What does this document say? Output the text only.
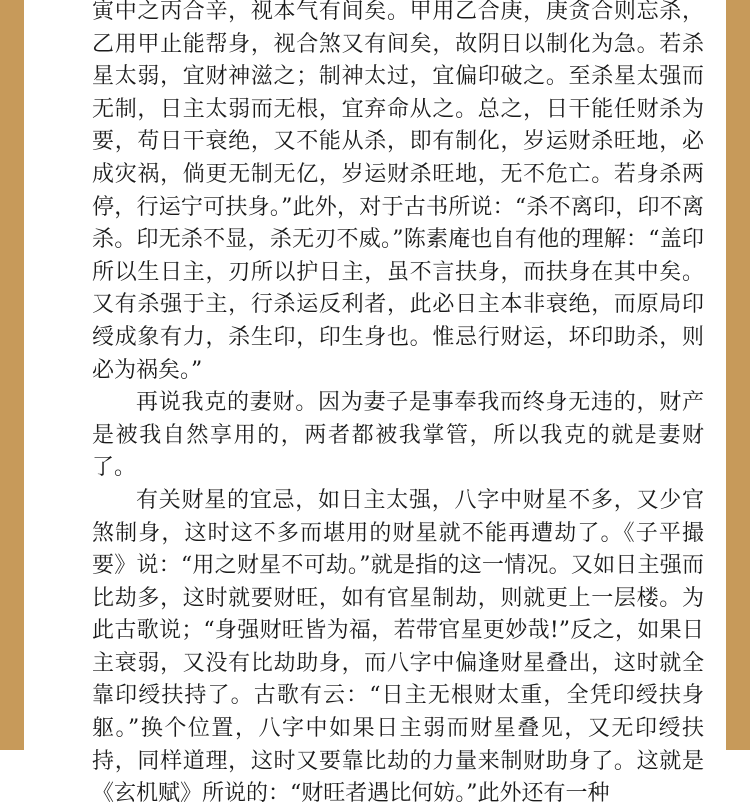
寅中之丙合辛，视本气有间矣。甲用乙合庚，庚贪合则忘杀，乙用甲止能帮身，视合煞又有间矣，故阴日以制化为急。若杀星太弱，宜财神滋之；制神太过，宜偏印破之。至杀星太强而无制，日主太弱而无根，宜弃命从之。总之，日干能任财杀为要，苟日干衰绝，又不能从杀，即有制化，岁运财杀旺地，必成灾祸，倘更无制无亿，岁运财杀旺地，无不危亡。若身杀两停，行运宁可扶身。”此外，对于古书所说：“杀不离印，印不离杀。印无杀不显，杀无刃不威。”陈素庵也自有他的理解：“盖印所以生日主，刃所以护日主，虽不言扶身，而扶身在其中矣。又有杀强于主，行杀运反利者，此必日主本非衰绝，而原局印绶成象有力，杀生印，印生身也。惟忌行财运，坏印助杀，则必为祸矣。”

再说我克的妻财。因为妻子是事奉我而终身无违的，财产是被我自然享用的，两者都被我掌管，所以我克的就是妻财了。

有关财星的宜忌，如日主太强，八字中财星不多，又少官煞制身，这时这不多而堪用的财星就不能再遭劫了。《子平撮要》说：“用之财星不可劫。”就是指的这一情况。又如日主强而比劫多，这时就要财旺，如有官星制劫，则就更上一层楼。为此古歌说；“身强财旺皆为福，若带官星更妙哉!”反之，如果日主衰弱，又没有比劫助身，而八字中偏逢财星叠出，这时就全靠印绶扶持了。古歌有云：“日主无根财太重，全凭印绶扶身躯。”换个位置，八字中如果日主弱而财星叠见，又无印绶扶持，同样道理，这时又要靠比劫的力量来制财助身了。这就是《玄机赋》所说的：“财旺者遇比何妨。”此外还有一种
